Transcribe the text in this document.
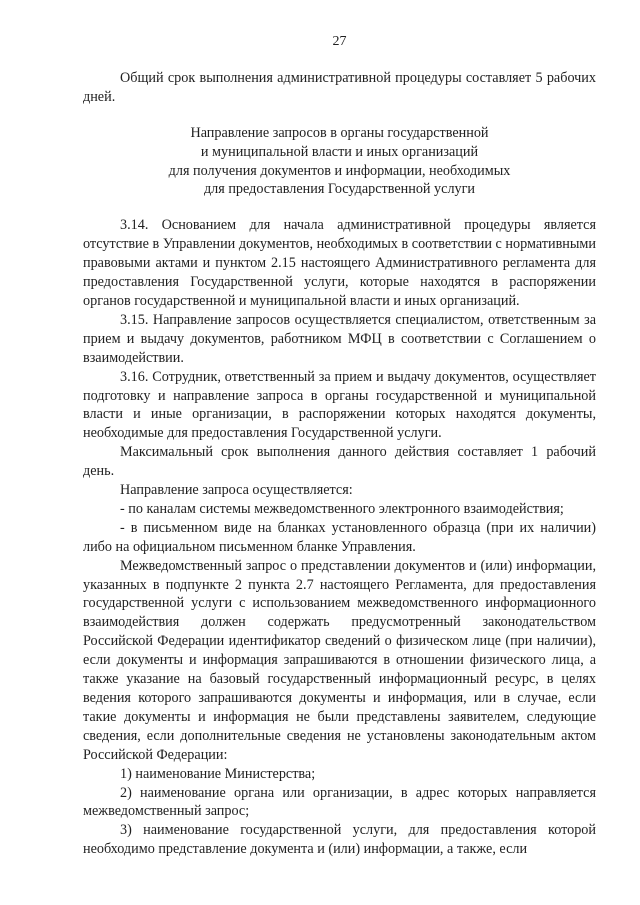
27

Общий срок выполнения административной процедуры составляет 5 рабочих дней.

Направление запросов в органы государственной
и муниципальной власти и иных организаций
для получения документов и информации, необходимых
для предоставления Государственной услуги

3.14. Основанием для начала административной процедуры является отсутствие в Управлении документов, необходимых в соответствии с нормативными правовыми актами и пунктом 2.15 настоящего Административного регламента для предоставления Государственной услуги, которые находятся в распоряжении органов государственной и муниципальной власти и иных организаций.

3.15. Направление запросов осуществляется специалистом, ответственным за прием и выдачу документов, работником МФЦ в соответствии с Соглашением о взаимодействии.

3.16. Сотрудник, ответственный за прием и выдачу документов, осуществляет подготовку и направление запроса в органы государственной и муниципальной власти и иные организации, в распоряжении которых находятся документы, необходимые для предоставления Государственной услуги.

Максимальный срок выполнения данного действия составляет 1 рабочий день.

Направление запроса осуществляется:

- по каналам системы межведомственного электронного взаимодействия;

- в письменном виде на бланках установленного образца (при их наличии) либо на официальном письменном бланке Управления.

Межведомственный запрос о представлении документов и (или) информации, указанных в подпункте 2 пункта 2.7 настоящего Регламента, для предоставления государственной услуги с использованием межведомственного информационного взаимодействия должен содержать предусмотренный законодательством Российской Федерации идентификатор сведений о физическом лице (при наличии), если документы и информация запрашиваются в отношении физического лица, а также указание на базовый государственный информационный ресурс, в целях ведения которого запрашиваются документы и информация, или в случае, если такие документы и информация не были представлены заявителем, следующие сведения, если дополнительные сведения не установлены законодательным актом Российской Федерации:

1) наименование Министерства;

2) наименование органа или организации, в адрес которых направляется межведомственный запрос;

3) наименование государственной услуги, для предоставления которой необходимо представление документа и (или) информации, а также, если
